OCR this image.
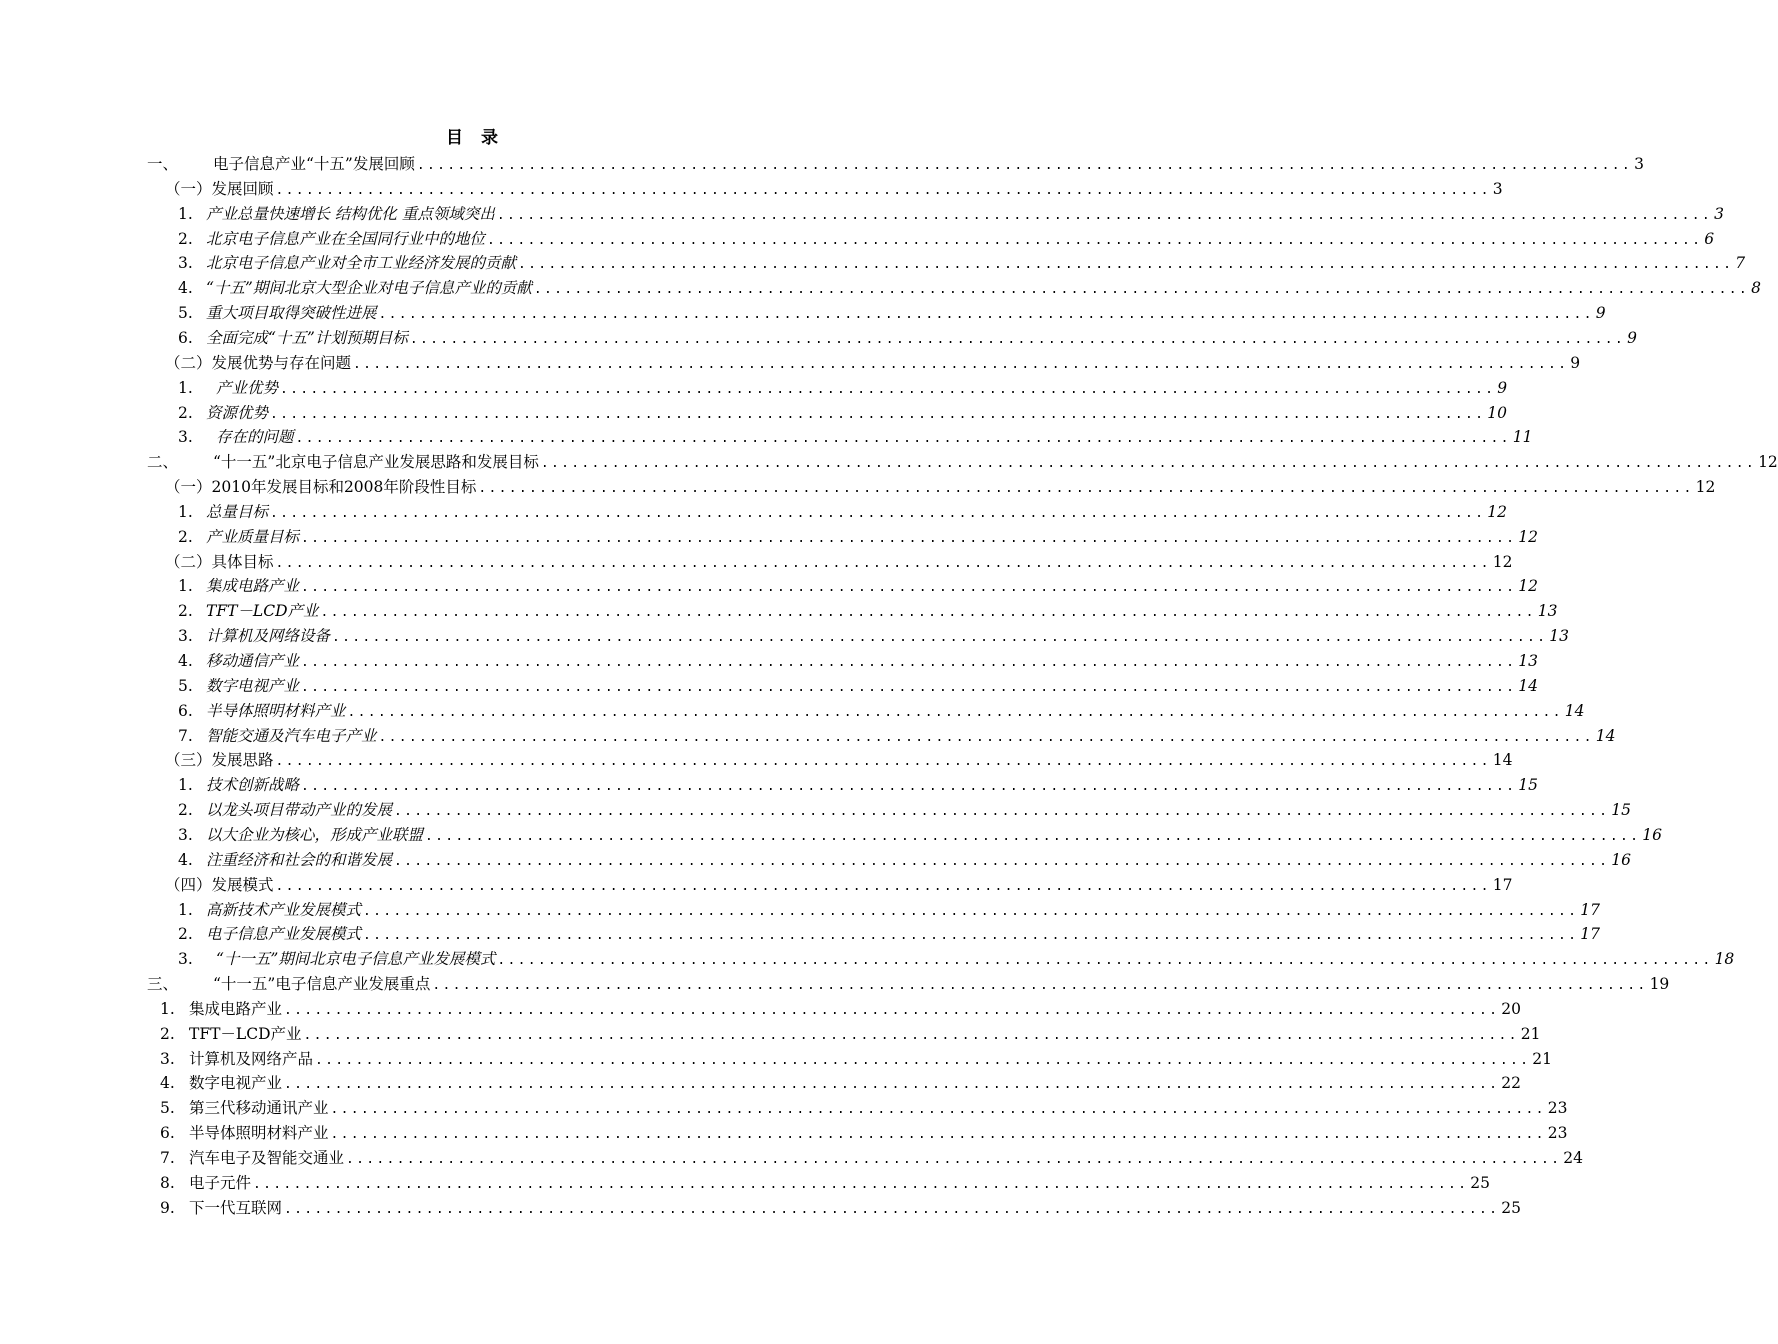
目 录
一、	电子信息产业“十五”发展回顾 ........................................................................................................................ 3
（一）发展回顾 ........................................................................................................................ 3
1. 产业总量快速增长 结构优化 重点领域突出 ........................................................................................................................ 3
2. 北京电子信息产业在全国同行业中的地位 ........................................................................................................................ 6
3. 北京电子信息产业对全市工业经济发展的贡献 ........................................................................................................................ 7
4. “十五”期间北京大型企业对电子信息产业的贡献 ........................................................................................................................ 8
5. 重大项目取得突破性进展 ........................................................................................................................ 9
6. 全面完成“十五”计划预期目标 ........................................................................................................................ 9
（二）发展优势与存在问题 ........................................................................................................................ 9
1.	产业优势 ........................................................................................................................ 9
2. 资源优势 ........................................................................................................................ 10
3.	存在的问题 ........................................................................................................................ 11
二、	“十一五”北京电子信息产业发展思路和发展目标 ........................................................................................................................ 12
（一）2010年发展目标和2008年阶段性目标 ........................................................................................................................ 12
1. 总量目标 ........................................................................................................................ 12
2. 产业质量目标 ........................................................................................................................ 12
（二）具体目标 ........................................................................................................................ 12
1. 集成电路产业 ........................................................................................................................ 12
2. TFT－LCD产业 ........................................................................................................................ 13
3. 计算机及网络设备 ........................................................................................................................ 13
4. 移动通信产业 ........................................................................................................................ 13
5. 数字电视产业 ........................................................................................................................ 14
6. 半导体照明材料产业 ........................................................................................................................ 14
7. 智能交通及汽车电子产业 ........................................................................................................................ 14
（三）发展思路 ........................................................................................................................ 14
1. 技术创新战略 ........................................................................................................................ 15
2. 以龙头项目带动产业的发展 ........................................................................................................................ 15
3. 以大企业为核心，形成产业联盟 ........................................................................................................................ 16
4. 注重经济和社会的和谐发展 ........................................................................................................................ 16
（四）发展模式 ........................................................................................................................ 17
1. 高新技术产业发展模式 ........................................................................................................................ 17
2. 电子信息产业发展模式 ........................................................................................................................ 17
3.	“十一五”期间北京电子信息产业发展模式 ........................................................................................................................ 18
三、	“十一五”电子信息产业发展重点 ........................................................................................................................ 19
1. 集成电路产业 ........................................................................................................................ 20
2. TFT－LCD产业 ........................................................................................................................ 21
3. 计算机及网络产品 ........................................................................................................................ 21
4. 数字电视产业 ........................................................................................................................ 22
5. 第三代移动通讯产业 ........................................................................................................................ 23
6. 半导体照明材料产业 ........................................................................................................................ 23
7. 汽车电子及智能交通业 ........................................................................................................................ 24
8. 电子元件 ........................................................................................................................ 25
9. 下一代互联网 ........................................................................................................................ 25
